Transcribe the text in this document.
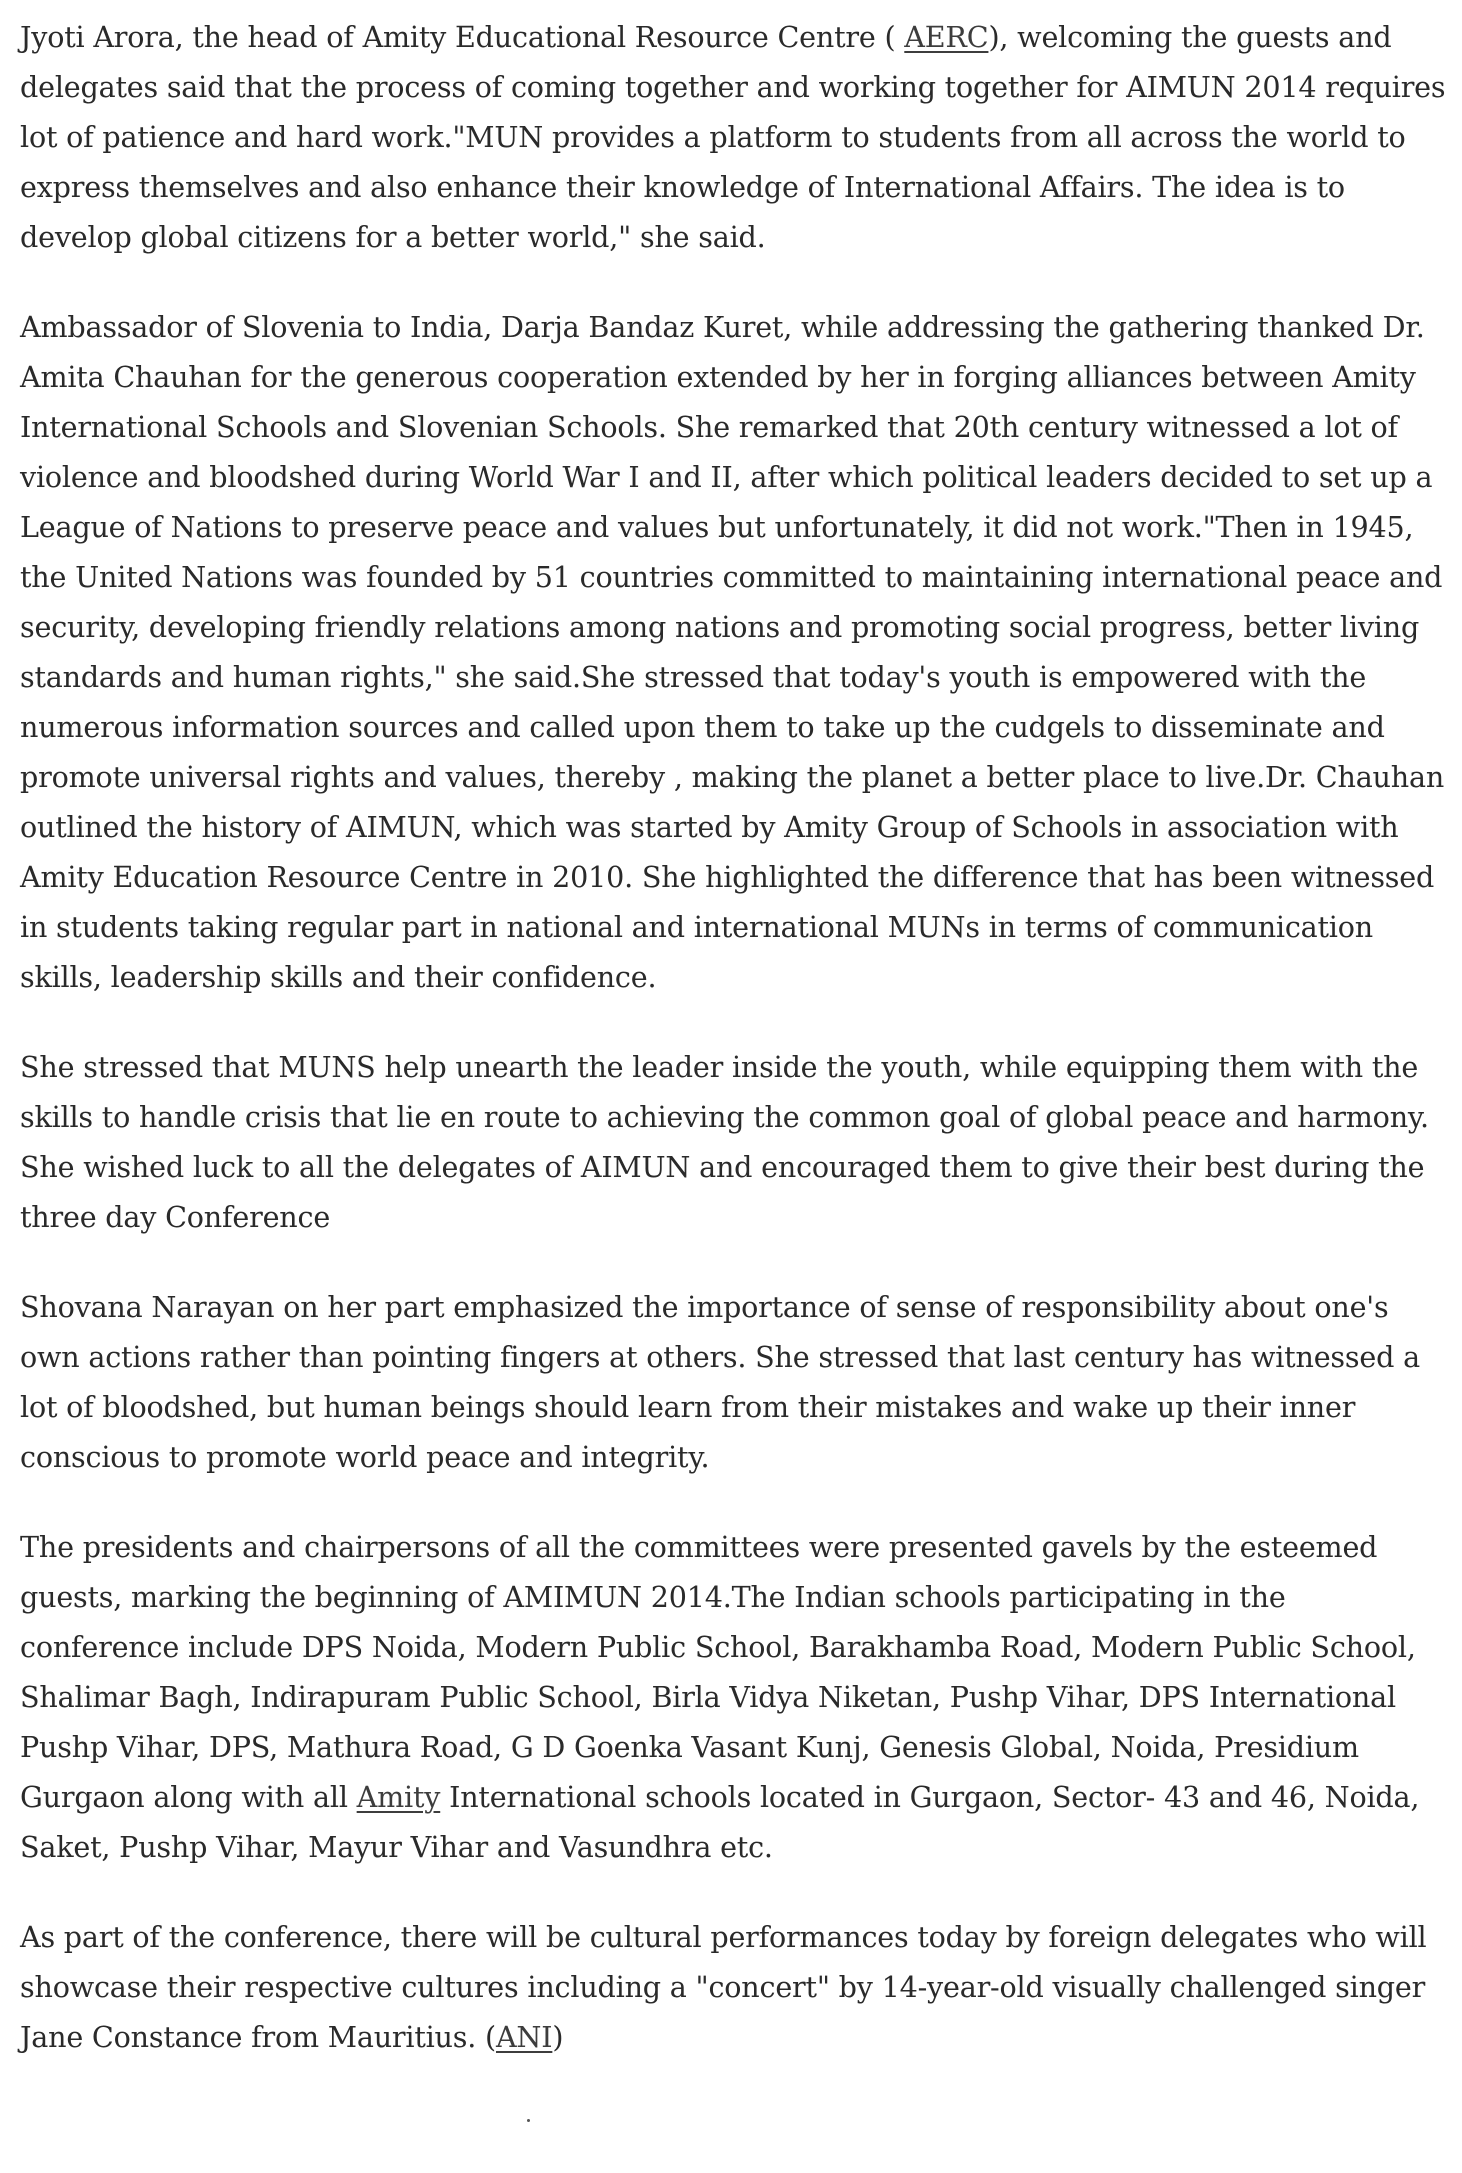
Jyoti Arora, the head of Amity Educational Resource Centre ( AERC), welcoming the guests and delegates said that the process of coming together and working together for AIMUN 2014 requires lot of patience and hard work."MUN provides a platform to students from all across the world to express themselves and also enhance their knowledge of International Affairs. The idea is to develop global citizens for a better world," she said.

Ambassador of Slovenia to India, Darja Bandaz Kuret, while addressing the gathering thanked Dr. Amita Chauhan for the generous cooperation extended by her in forging alliances between Amity International Schools and Slovenian Schools. She remarked that 20th century witnessed a lot of violence and bloodshed during World War I and II, after which political leaders decided to set up a League of Nations to preserve peace and values but unfortunately, it did not work."Then in 1945, the United Nations was founded by 51 countries committed to maintaining international peace and security, developing friendly relations among nations and promoting social progress, better living standards and human rights," she said.She stressed that today's youth is empowered with the numerous information sources and called upon them to take up the cudgels to disseminate and promote universal rights and values, thereby , making the planet a better place to live.Dr. Chauhan outlined the history of AIMUN, which was started by Amity Group of Schools in association with Amity Education Resource Centre in 2010. She highlighted the difference that has been witnessed in students taking regular part in national and international MUNs in terms of communication skills, leadership skills and their confidence.

She stressed that MUNS help unearth the leader inside the youth, while equipping them with the skills to handle crisis that lie en route to achieving the common goal of global peace and harmony. She wished luck to all the delegates of AIMUN and encouraged them to give their best during the three day Conference

Shovana Narayan on her part emphasized the importance of sense of responsibility about one's own actions rather than pointing fingers at others. She stressed that last century has witnessed a lot of bloodshed, but human beings should learn from their mistakes and wake up their inner conscious to promote world peace and integrity.

The presidents and chairpersons of all the committees were presented gavels by the esteemed guests, marking the beginning of AMIMUN 2014.The Indian schools participating in the conference include DPS Noida, Modern Public School, Barakhamba Road, Modern Public School, Shalimar Bagh, Indirapuram Public School, Birla Vidya Niketan, Pushp Vihar, DPS International Pushp Vihar, DPS, Mathura Road, G D Goenka Vasant Kunj, Genesis Global, Noida, Presidium Gurgaon along with all Amity International schools located in Gurgaon, Sector- 43 and 46, Noida, Saket, Pushp Vihar, Mayur Vihar and Vasundhra etc.

As part of the conference, there will be cultural performances today by foreign delegates who will showcase their respective cultures including a "concert" by 14-year-old visually challenged singer Jane Constance from Mauritius. (ANI)
